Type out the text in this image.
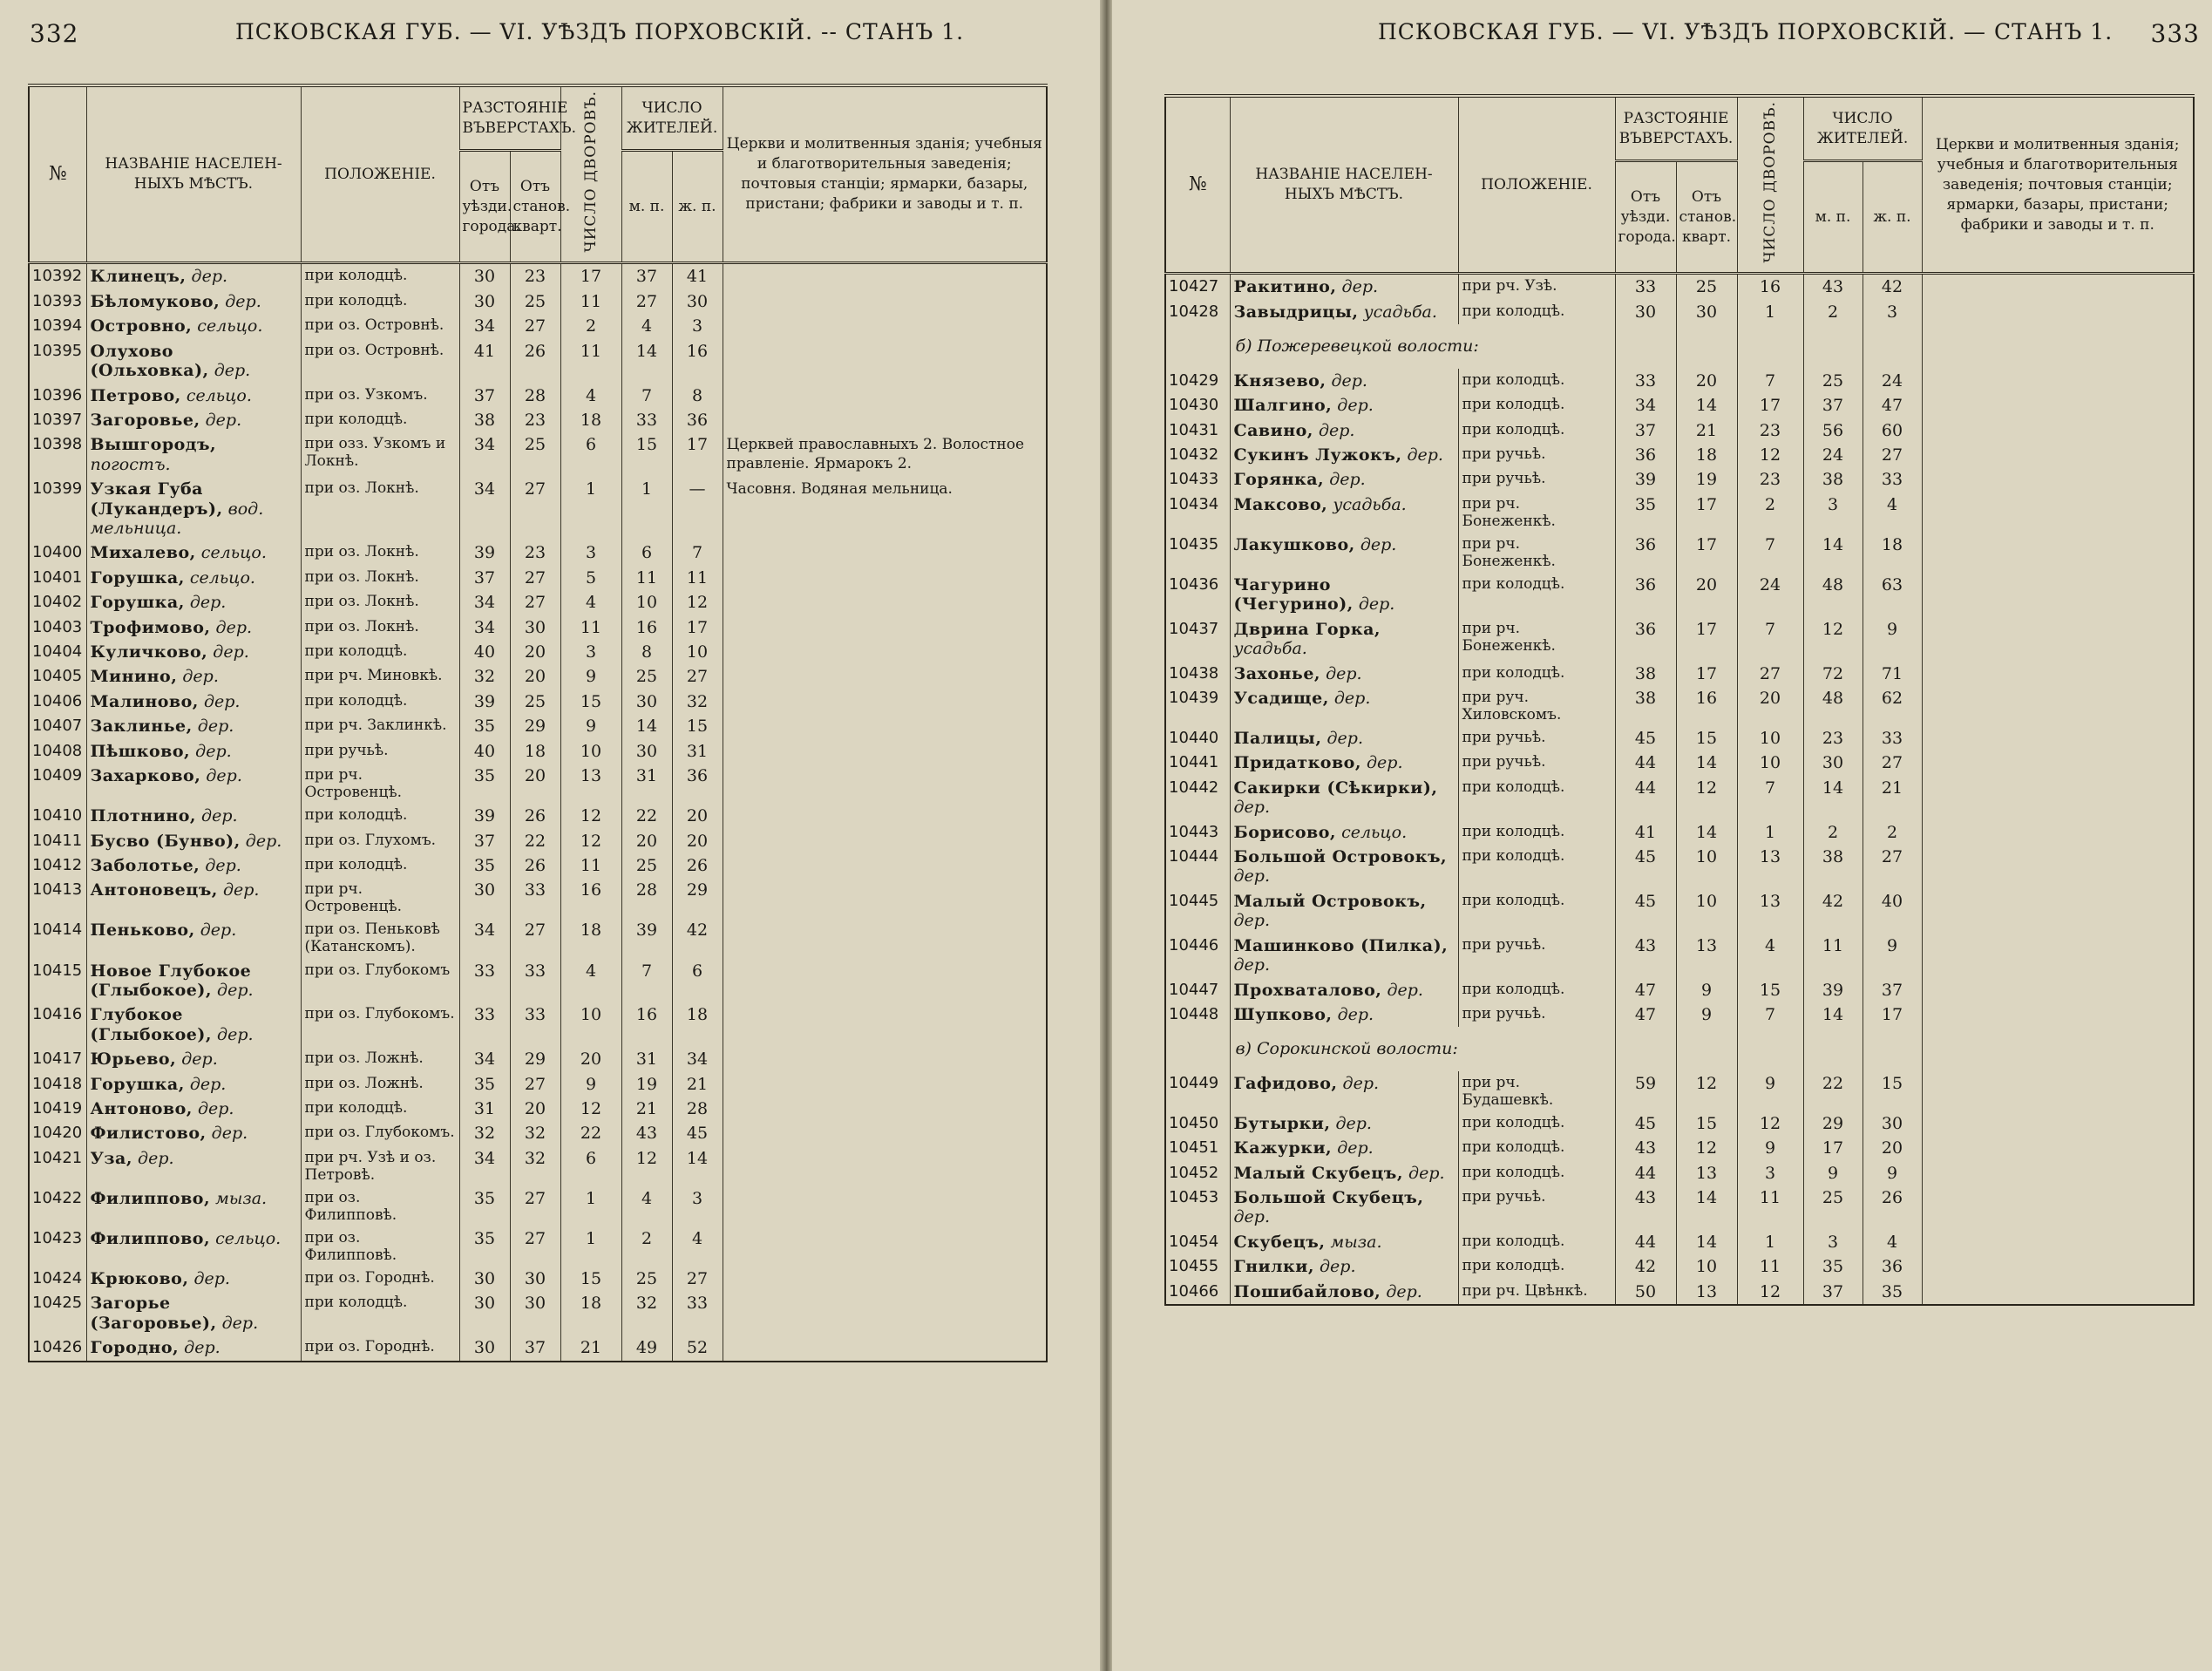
332	ПСКОВСКАЯ ГУБ. — VI. УѢЗДЪ ПОРХОВСКІЙ. -- СТАНЪ 1.
№	НАЗВАНІЕ НАСЕЛЕН-НЫХЪ МѢСТЪ.	ПОЛОЖЕНІЕ.	РАЗСТОЯНІЕ ВЪВЕРСТАХЪ.		ЧИСЛО ДВОРОВЪ.	ЧИСЛО ЖИТЕЛЕЙ.		Церкви и молитвенныя зданія; учебныя и благотворительныя заведенія; почтовыя станціи; ярмарки, базары, пристани; фабрики и заводы и т. п.
			Отъ уѣзди. города.	Отъ станов. кварт.		м. п.	ж. п.	
10392	Клинецъ, дер.	при колодцѣ.	30	23	17	37	41	
10393	Бѣломуково, дер.	при колодцѣ.	30	25	11	27	30	
10394	Островно, сельцо.	при оз. Островнѣ.	34	27	2	4	3	
10395	Олухово (Ольховка), дер.	при оз. Островнѣ.	41	26	11	14	16	
10396	Петрово, сельцо.	при оз. Узкомъ.	37	28	4	7	8	
10397	Загоровье, дер.	при колодцѣ.	38	23	18	33	36	
10398	Вышгородъ, погостъ.	при озз. Узкомъ и Локнѣ.	34	25	6	15	17	Церквей православныхъ 2. Волостное правленіе. Ярмарокъ 2.
10399	Узкая Губа (Лукандеръ), вод. мельница.	при оз. Локнѣ.	34	27	1	1	—	Часовня. Водяная мельница.
10400	Михалево, сельцо.	при оз. Локнѣ.	39	23	3	6	7	
10401	Горушка, сельцо.	при оз. Локнѣ.	37	27	5	11	11	
10402	Горушка, дер.	при оз. Локнѣ.	34	27	4	10	12	
10403	Трофимово, дер.	при оз. Локнѣ.	34	30	11	16	17	
10404	Куличково, дер.	при колодцѣ.	40	20	3	8	10	
10405	Минино, дер.	при рч. Миновкѣ.	32	20	9	25	27	
10406	Малиново, дер.	при колодцѣ.	39	25	15	30	32	
10407	Заклинье, дер.	при рч. Заклинкѣ.	35	29	9	14	15	
10408	Пѣшково, дер.	при ручьѣ.	40	18	10	30	31	
10409	Захарково, дер.	при рч. Островенцѣ.	35	20	13	31	36	
10410	Плотнино, дер.	при колодцѣ.	39	26	12	22	20	
10411	Бусво (Бунво), дер.	при оз. Глухомъ.	37	22	12	20	20	
10412	Заболотье, дер.	при колодцѣ.	35	26	11	25	26	
10413	Антоновецъ, дер.	при рч. Островенцѣ.	30	33	16	28	29	
10414	Пеньково, дер.	при оз. Пеньковѣ (Катанскомъ).	34	27	18	39	42	
10415	Новое Глубокое (Глыбокое), дер.	при оз. Глубокомъ	33	33	4	7	6	
10416	Глубокое (Глыбокое), дер.	при оз. Глубокомъ.	33	33	10	16	18	
10417	Юрьево, дер.	при оз. Ложнѣ.	34	29	20	31	34	
10418	Горушка, дер.	при оз. Ложнѣ.	35	27	9	19	21	
10419	Антоново, дер.	при колодцѣ.	31	20	12	21	28	
10420	Филистово, дер.	при оз. Глубокомъ.	32	32	22	43	45	
10421	Уза, дер.	при рч. Узѣ и оз. Петровѣ.	34	32	6	12	14	
10422	Филиппово, мыза.	при оз. Филипповѣ.	35	27	1	4	3	
10423	Филиппово, сельцо.	при оз. Филипповѣ.	35	27	1	2	4	
10424	Крюково, дер.	при оз. Городнѣ.	30	30	15	25	27	
10425	Загорье (Загоровье), дер.	при колодцѣ.	30	30	18	32	33	
10426	Городно, дер.	при оз. Городнѣ.	30	37	21	49	52	
ПСКОВСКАЯ ГУБ. — VI. УѢЗДЪ ПОРХОВСКІЙ. — СТАНЪ 1. 333
№	НАЗВАНІЕ НАСЕЛЕН-НЫХЪ МѢСТЪ.	ПОЛОЖЕНІЕ.	РАЗСТОЯНІЕ ВЪВЕРСТАХЪ.		ЧИСЛО ДВОРОВЪ.	ЧИСЛО ЖИТЕЛЕЙ.		Церкви и молитвенныя зданія; учебныя и благотворительныя заведенія; почтовыя станціи; ярмарки, базары, пристани; фабрики и заводы и т. п.
			Отъ уѣзди. города.	Отъ станов. кварт.		м. п.	ж. п.	
10427	Ракитино, дер.	при рч. Узѣ.	33	25	16	43	42	
10428	Завыдрицы, усадьба.	при колодцѣ.	30	30	1	2	3	
	б) Пожеревецкой волости:							
10429	Князево, дер.	при колодцѣ.	33	20	7	25	24	
10430	Шалгино, дер.	при колодцѣ.	34	14	17	37	47	
10431	Савино, дер.	при колодцѣ.	37	21	23	56	60	
10432	Сукинъ Лужокъ, дер.	при ручьѣ.	36	18	12	24	27	
10433	Горянка, дер.	при ручьѣ.	39	19	23	38	33	
10434	Максово, усадьба.	при рч. Бонеженкѣ.	35	17	2	3	4	
10435	Лакушково, дер.	при рч. Бонеженкѣ.	36	17	7	14	18	
10436	Чагурино (Чегурино), дер.	при колодцѣ.	36	20	24	48	63	
10437	Дврина Горка, усадьба.	при рч. Бонеженкѣ.	36	17	7	12	9	
10438	Захонье, дер.	при колодцѣ.	38	17	27	72	71	
10439	Усадище, дер.	при руч. Хиловскомъ.	38	16	20	48	62	
10440	Палицы, дер.	при ручьѣ.	45	15	10	23	33	
10441	Придатково, дер.	при ручьѣ.	44	14	10	30	27	
10442	Сакирки (Сѣкирки), дер.	при колодцѣ.	44	12	7	14	21	
10443	Борисово, сельцо.	при колодцѣ.	41	14	1	2	2	
10444	Большой Островокъ, дер.	при колодцѣ.	45	10	13	38	27	
10445	Малый Островокъ, дер.	при колодцѣ.	45	10	13	42	40	
10446	Машинково (Пилка), дер.	при ручьѣ.	43	13	4	11	9	
10447	Прохваталово, дер.	при колодцѣ.	47	9	15	39	37	
10448	Шупково, дер.	при ручьѣ.	47	9	7	14	17	
	в) Сорокинской волости:							
10449	Гафидово, дер.	при рч. Будашевкѣ.	59	12	9	22	15	
10450	Бутырки, дер.	при колодцѣ.	45	15	12	29	30	
10451	Кажурки, дер.	при колодцѣ.	43	12	9	17	20	
10452	Малый Скубецъ, дер.	при колодцѣ.	44	13	3	9	9	
10453	Большой Скубецъ, дер.	при ручьѣ.	43	14	11	25	26	
10454	Скубецъ, мыза.	при колодцѣ.	44	14	1	3	4	
10455	Гнилки, дер.	при колодцѣ.	42	10	11	35	36	
10466	Пошибайлово, дер.	при рч. Цвѣнкѣ.	50	13	12	37	35	
